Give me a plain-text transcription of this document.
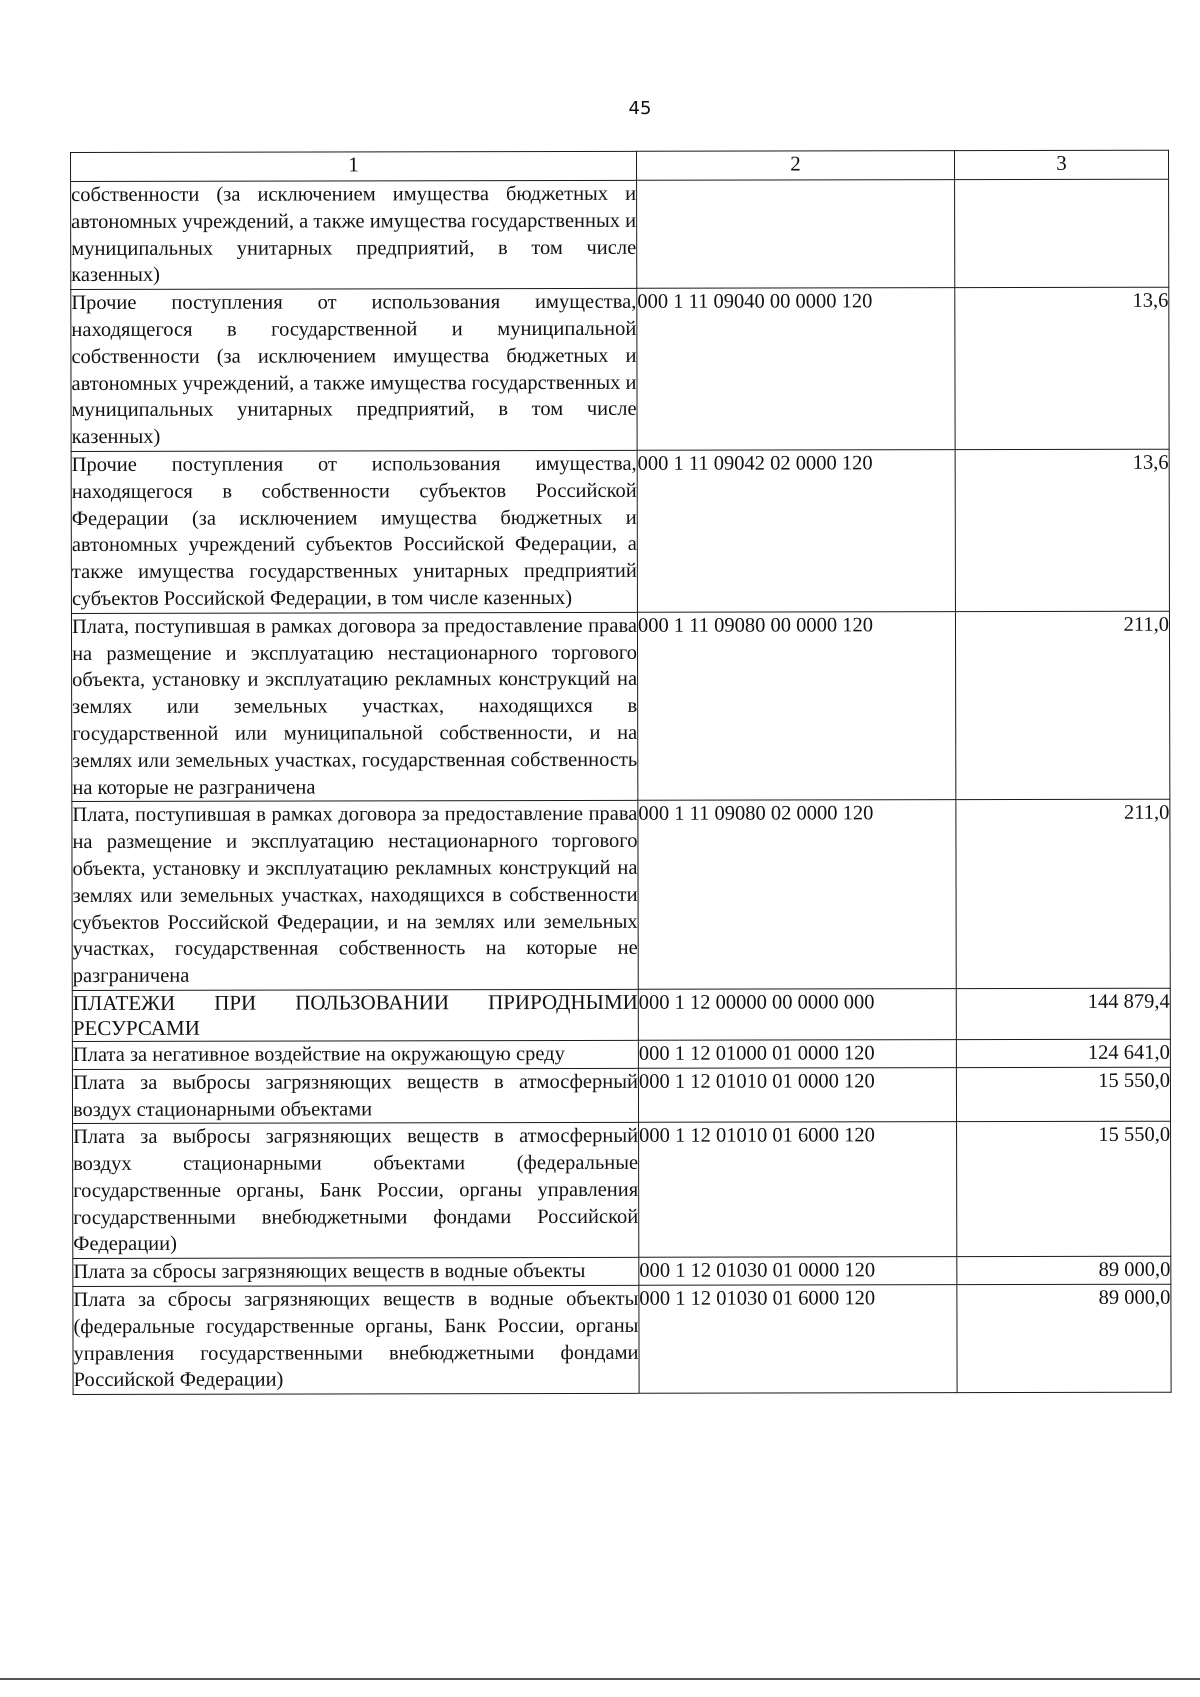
45
1	2	3
собственности (за исключением имущества бюджетных и автономных учреждений, а также имущества государственных и муниципальных унитарных предприятий, в том числе казенных)		
Прочие поступления от использования имущества, находящегося в государственной и муниципальной собственности (за исключением имущества бюджетных и автономных учреждений, а также имущества государственных и муниципальных унитарных предприятий, в том числе казенных)	000 1 11 09040 00 0000 120	13,6
Прочие поступления от использования имущества, находящегося в собственности субъектов Российской Федерации (за исключением имущества бюджетных и автономных учреждений субъектов Российской Федерации, а также имущества государственных унитарных предприятий субъектов Российской Федерации, в том числе казенных)	000 1 11 09042 02 0000 120	13,6
Плата, поступившая в рамках договора за предоставление права на размещение и эксплуатацию нестационарного торгового объекта, установку и эксплуатацию рекламных конструкций на землях или земельных участках, находящихся в государственной или муниципальной собственности, и на землях или земельных участках, государственная собственность на которые не разграничена	000 1 11 09080 00 0000 120	211,0
Плата, поступившая в рамках договора за предоставление права на размещение и эксплуатацию нестационарного торгового объекта, установку и эксплуатацию рекламных конструкций на землях или земельных участках, находящихся в собственности субъектов Российской Федерации, и на землях или земельных участках, государственная собственность на которые не разграничена	000 1 11 09080 02 0000 120	211,0
ПЛАТЕЖИ ПРИ ПОЛЬЗОВАНИИ ПРИРОДНЫМИ РЕСУРСАМИ	000 1 12 00000 00 0000 000	144 879,4
Плата за негативное воздействие на окружающую среду	000 1 12 01000 01 0000 120	124 641,0
Плата за выбросы загрязняющих веществ в атмосферный воздух стационарными объектами	000 1 12 01010 01 0000 120	15 550,0
Плата за выбросы загрязняющих веществ в атмосферный воздух стационарными объектами (федеральные государственные органы, Банк России, органы управления государственными внебюджетными фондами Российской Федерации)	000 1 12 01010 01 6000 120	15 550,0
Плата за сбросы загрязняющих веществ в водные объекты	000 1 12 01030 01 0000 120	89 000,0
Плата за сбросы загрязняющих веществ в водные объекты (федеральные государственные органы, Банк России, органы управления государственными внебюджетными фондами Российской Федерации)	000 1 12 01030 01 6000 120	89 000,0
